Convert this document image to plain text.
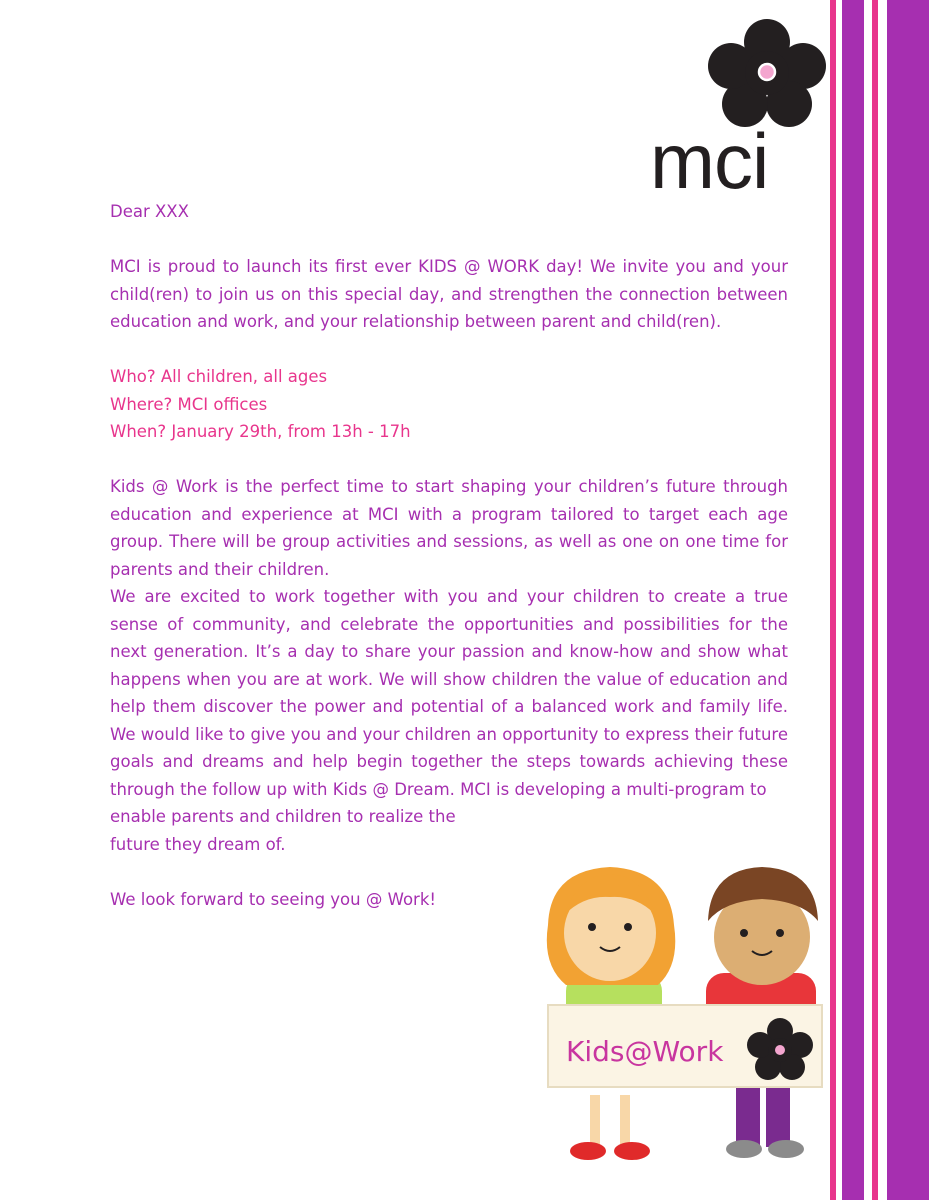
mci

Dear XXX

MCI is proud to launch its first ever KIDS @ WORK day! We invite you and your child(ren) to join us on this special day, and strengthen the connection between education and work, and your relationship between parent and child(ren).

Who? All children, all ages

Where? MCI offices

When? January 29th, from 13h - 17h

Kids @ Work is the perfect time to start shaping your children’s future through education and experience at MCI with a program tailored to target each age group. There will be group activities and sessions, as well as one on one time for parents and their children.

We are excited to work together with you and your children to create a true sense of community, and celebrate the opportunities and possibilities for the next generation. It’s a day to share your passion and know-how and show what happens when you are at work. We will show children the value of education and help them discover the power and potential of a balanced work and family life. We would like to give you and your children an opportunity to express their future goals and dreams and help begin together the steps towards achieving these through the follow up with Kids @ Dream. MCI is developing a multi-program to

enable parents and children to realize the

future they dream of.

We look forward to seeing you @ Work!

Kids@Work
